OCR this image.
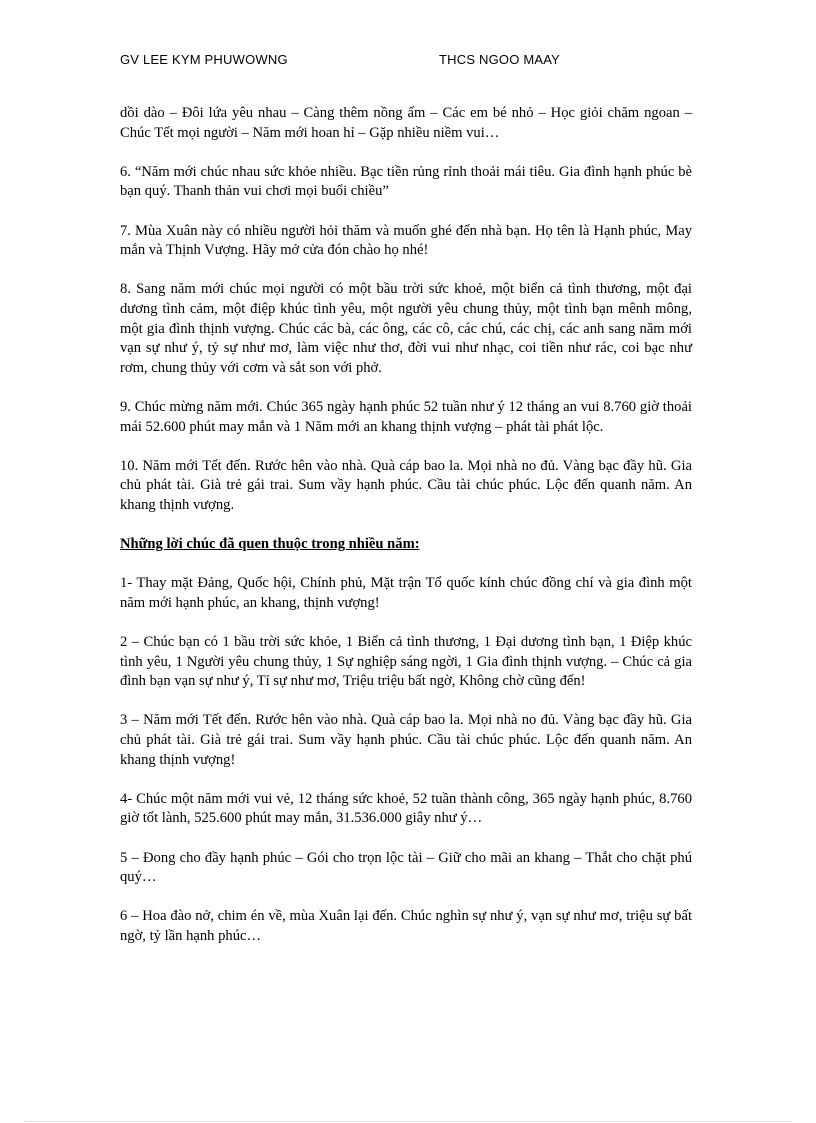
GV LEE KYM PHUWOWNG	THCS NGOO MAAY

dồi dào – Đôi lứa yêu nhau – Càng thêm nồng ấm – Các em bé nhỏ – Học giỏi chăm ngoan – Chúc Tết mọi người – Năm mới hoan hỉ – Gặp nhiều niềm vui…

6. “Năm mới chúc nhau sức khỏe nhiều. Bạc tiền rủng rỉnh thoải mái tiêu. Gia đình hạnh phúc bè bạn quý. Thanh thản vui chơi mọi buổi chiều”

7. Mùa Xuân này có nhiều người hỏi thăm và muốn ghé đến nhà bạn. Họ tên là Hạnh phúc, May mắn và Thịnh Vượng. Hãy mở cửa đón chào họ nhé!

8. Sang năm mới chúc mọi người có một bầu trời sức khoẻ, một biển cả tình thương, một đại dương tình cảm, một điệp khúc tình yêu, một người yêu chung thủy, một tình bạn mênh mông, một gia đình thịnh vượng. Chúc các bà, các ông, các cô, các chú, các chị, các anh sang năm mới vạn sự như ý, tỷ sự như mơ, làm việc như thơ, đời vui như nhạc, coi tiền như rác, coi bạc như rơm, chung thủy với cơm và sắt son với phở.

9. Chúc mừng năm mới. Chúc 365 ngày hạnh phúc 52 tuần như ý 12 tháng an vui 8.760 giờ thoải mái 52.600 phút may mắn và 1 Năm mới an khang thịnh vượng – phát tài phát lộc.

10. Năm mới Tết đến. Rước hên vào nhà. Quà cáp bao la. Mọi nhà no đủ. Vàng bạc đầy hũ. Gia chủ phát tài. Già trẻ gái trai. Sum vầy hạnh phúc. Cầu tài chúc phúc. Lộc đến quanh năm. An khang thịnh vượng.

Những lời chúc đã quen thuộc trong nhiều năm:

1- Thay mặt Đảng, Quốc hội, Chính phủ, Mặt trận Tổ quốc kính chúc đồng chí và gia đình một năm mới hạnh phúc, an khang, thịnh vượng!

2 – Chúc bạn có 1 bầu trời sức khỏe, 1 Biển cả tình thương, 1 Đại dương tình bạn, 1 Điệp khúc tình yêu, 1 Người yêu chung thủy, 1 Sự nghiệp sáng ngời, 1 Gia đình thịnh vượng. – Chúc cả gia đình bạn vạn sự như ý, Tỉ sự như mơ, Triệu triệu bất ngờ, Không chờ cũng đến!

3 – Năm mới Tết đến. Rước hên vào nhà. Quà cáp bao la. Mọi nhà no đủ. Vàng bạc đầy hũ. Gia chủ phát tài. Già trẻ gái trai. Sum vầy hạnh phúc. Cầu tài chúc phúc. Lộc đến quanh năm. An khang thịnh vượng!

4- Chúc một năm mới vui vẻ, 12 tháng sức khoẻ, 52 tuần thành công, 365 ngày hạnh phúc, 8.760 giờ tốt lành, 525.600 phút may mắn, 31.536.000 giây như ý…

5 – Đong cho đầy hạnh phúc – Gói cho trọn lộc tài – Giữ cho mãi an khang – Thắt cho chặt phú quý…

6 – Hoa đào nở, chim én về, mùa Xuân lại đến. Chúc nghìn sự như ý, vạn sự như mơ, triệu sự bất ngờ, tỷ lần hạnh phúc…
